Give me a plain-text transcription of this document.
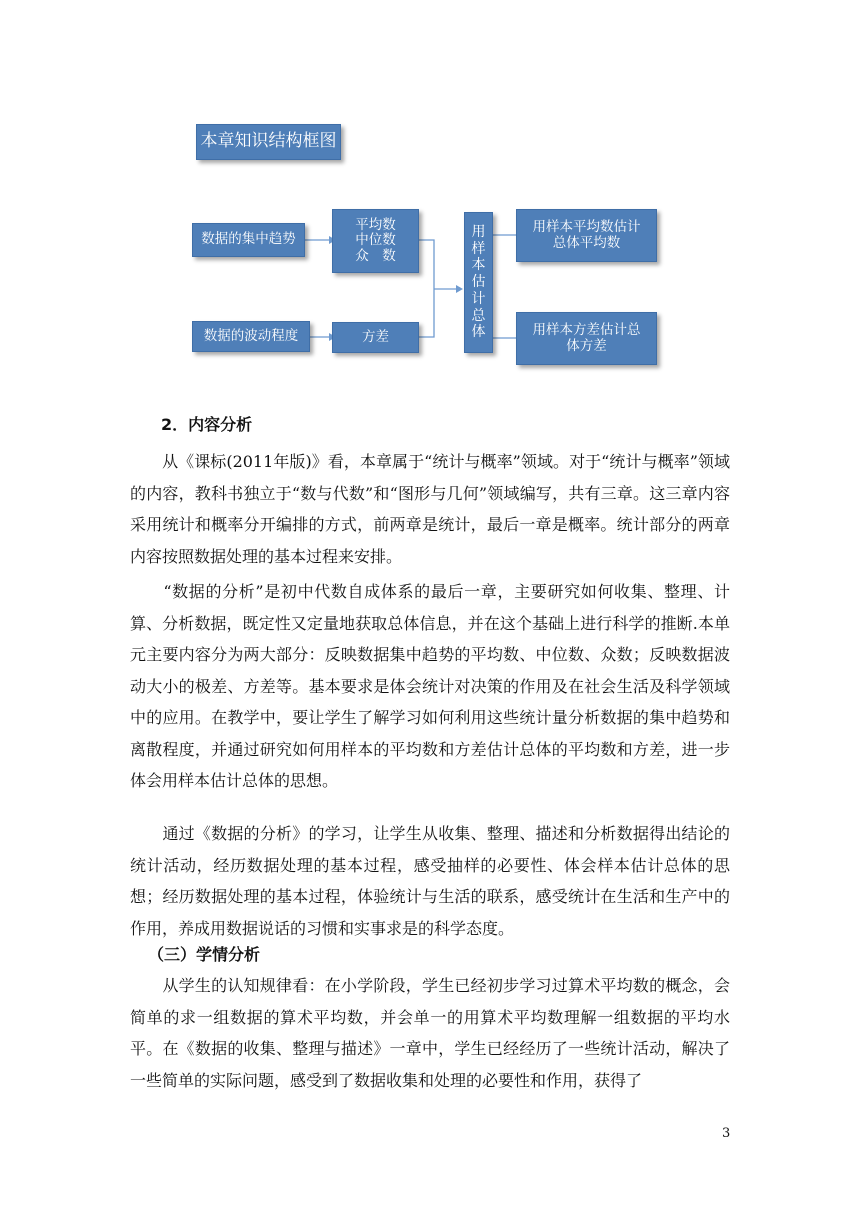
本章知识结构框图
数据的集中趋势
平均数
中位数
众　数
数据的波动程度	方差
用
样
本
估
计
总
体
用样本平均数估计总体平均数
用样本方差估计总体方差
2．内容分析

　　从《课标(2011年版)》看，本章属于“统计与概率”领域。对于“统计与概率”领域的内容，教科书独立于“数与代数”和“图形与几何”领域编写，共有三章。这三章内容采用统计和概率分开编排的方式，前两章是统计，最后一章是概率。统计部分的两章内容按照数据处理的基本过程来安排。

　　“数据的分析”是初中代数自成体系的最后一章，主要研究如何收集、整理、计算、分析数据，既定性又定量地获取总体信息，并在这个基础上进行科学的推断.本单元主要内容分为两大部分：反映数据集中趋势的平均数、中位数、众数；反映数据波动大小的极差、方差等。基本要求是体会统计对决策的作用及在社会生活及科学领域中的应用。在教学中，要让学生了解学习如何利用这些统计量分析数据的集中趋势和离散程度，并通过研究如何用样本的平均数和方差估计总体的平均数和方差，进一步体会用样本估计总体的思想。

　　通过《数据的分析》的学习，让学生从收集、整理、描述和分析数据得出结论的统计活动，经历数据处理的基本过程，感受抽样的必要性、体会样本估计总体的思想；经历数据处理的基本过程，体验统计与生活的联系，感受统计在生活和生产中的作用，养成用数据说话的习惯和实事求是的科学态度。

（三）学情分析

　　从学生的认知规律看：在小学阶段，学生已经初步学习过算术平均数的概念，会简单的求一组数据的算术平均数，并会单一的用算术平均数理解一组数据的平均水平。在《数据的收集、整理与描述》一章中，学生已经经历了一些统计活动，解决了一些简单的实际问题，感受到了数据收集和处理的必要性和作用，获得了

3
